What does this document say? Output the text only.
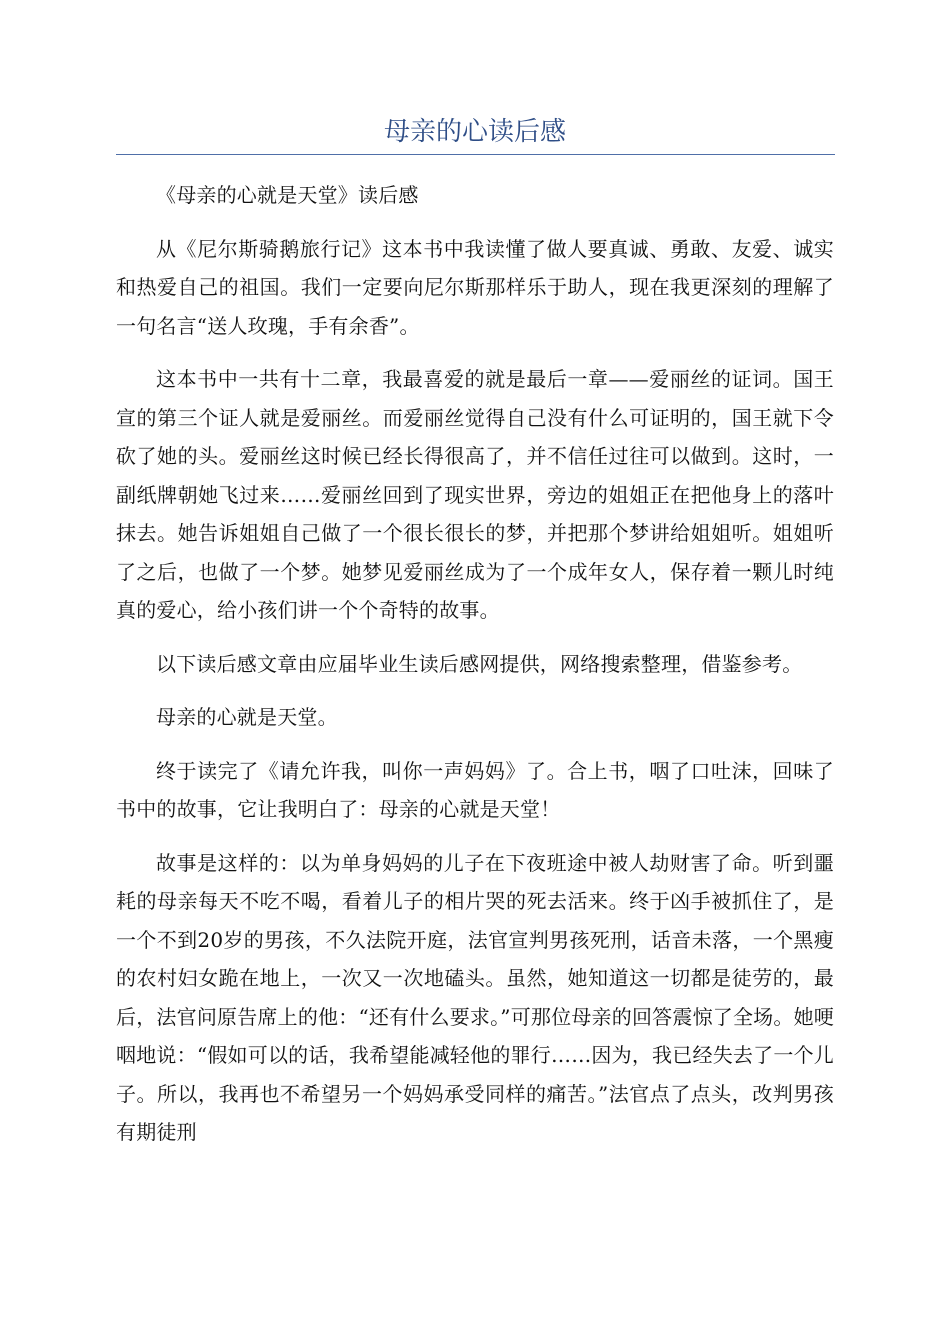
母亲的心读后感

《母亲的心就是天堂》读后感

从《尼尔斯骑鹅旅行记》这本书中我读懂了做人要真诚、勇敢、友爱、诚实和热爱自己的祖国。我们一定要向尼尔斯那样乐于助人，现在我更深刻的理解了一句名言“送人玫瑰，手有余香”。

这本书中一共有十二章，我最喜爱的就是最后一章——爱丽丝的证词。国王宣的第三个证人就是爱丽丝。而爱丽丝觉得自己没有什么可证明的，国王就下令砍了她的头。爱丽丝这时候已经长得很高了，并不信任过往可以做到。这时，一副纸牌朝她飞过来……爱丽丝回到了现实世界，旁边的姐姐正在把他身上的落叶抹去。她告诉姐姐自己做了一个很长很长的梦，并把那个梦讲给姐姐听。姐姐听了之后，也做了一个梦。她梦见爱丽丝成为了一个成年女人，保存着一颗儿时纯真的爱心，给小孩们讲一个个奇特的故事。

以下读后感文章由应届毕业生读后感网提供，网络搜索整理，借鉴参考。

母亲的心就是天堂。

终于读完了《请允许我，叫你一声妈妈》了。合上书，咽了口吐沫，回味了书中的故事，它让我明白了：母亲的心就是天堂！

故事是这样的：以为单身妈妈的儿子在下夜班途中被人劫财害了命。听到噩耗的母亲每天不吃不喝，看着儿子的相片哭的死去活来。终于凶手被抓住了，是一个不到20岁的男孩，不久法院开庭，法官宣判男孩死刑，话音未落，一个黑瘦的农村妇女跪在地上，一次又一次地磕头。虽然，她知道这一切都是徒劳的，最后，法官问原告席上的他：“还有什么要求。”可那位母亲的回答震惊了全场。她哽咽地说：“假如可以的话，我希望能减轻他的罪行……因为，我已经失去了一个儿子。所以，我再也不希望另一个妈妈承受同样的痛苦。”法官点了点头，改判男孩有期徒刑
